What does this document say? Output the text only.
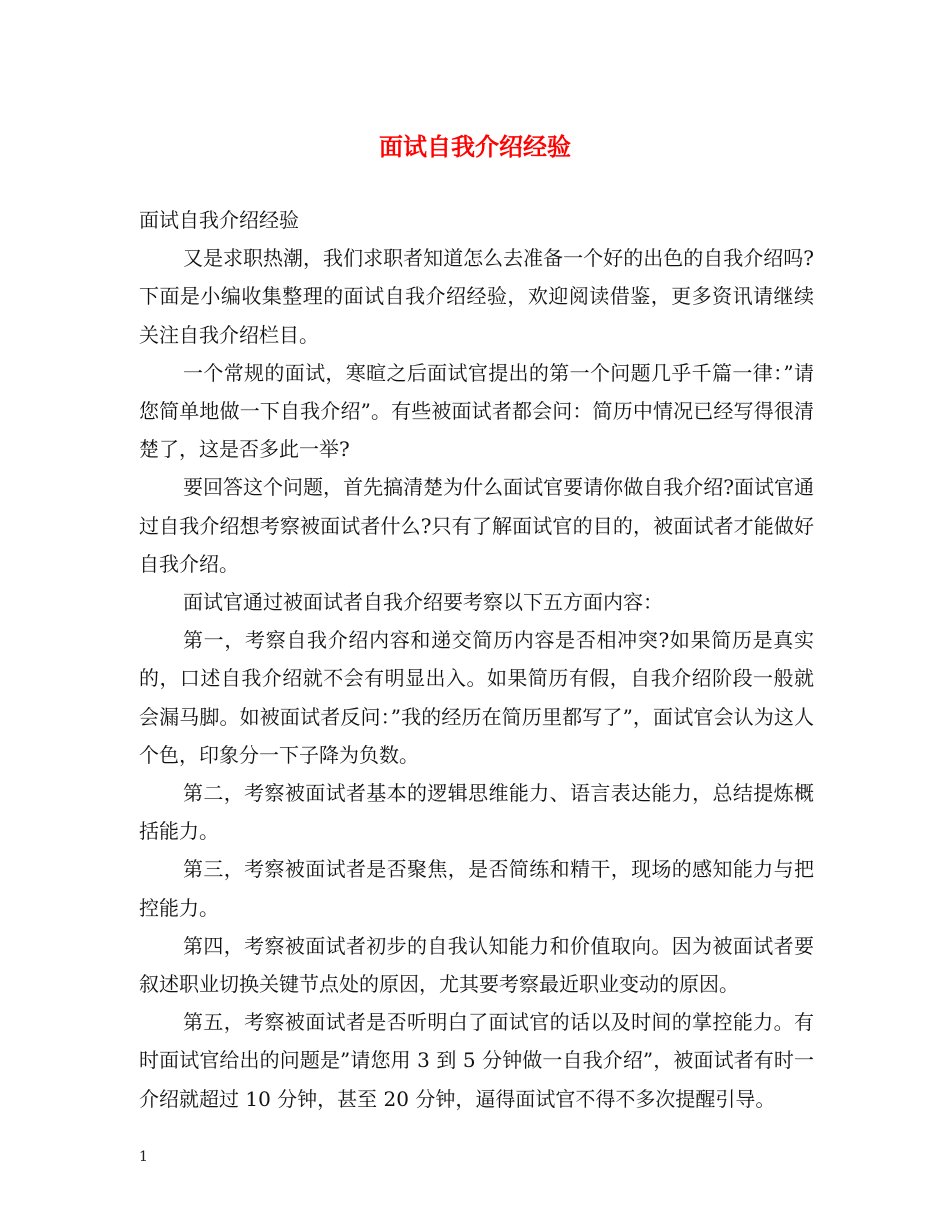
面试自我介绍经验

面试自我介绍经验

又是求职热潮，我们求职者知道怎么去准备一个好的出色的自我介绍吗?下面是小编收集整理的面试自我介绍经验，欢迎阅读借鉴，更多资讯请继续关注自我介绍栏目。

一个常规的面试，寒暄之后面试官提出的第一个问题几乎千篇一律：”请您简单地做一下自我介绍”。有些被面试者都会问：简历中情况已经写得很清楚了，这是否多此一举?

要回答这个问题，首先搞清楚为什么面试官要请你做自我介绍?面试官通过自我介绍想考察被面试者什么?只有了解面试官的目的，被面试者才能做好自我介绍。

面试官通过被面试者自我介绍要考察以下五方面内容：

第一，考察自我介绍内容和递交简历内容是否相冲突?如果简历是真实的，口述自我介绍就不会有明显出入。如果简历有假，自我介绍阶段一般就会漏马脚。如被面试者反问：”我的经历在简历里都写了”，面试官会认为这人个色，印象分一下子降为负数。

第二，考察被面试者基本的逻辑思维能力、语言表达能力，总结提炼概括能力。

第三，考察被面试者是否聚焦，是否简练和精干，现场的感知能力与把控能力。

第四，考察被面试者初步的自我认知能力和价值取向。因为被面试者要叙述职业切换关键节点处的原因，尤其要考察最近职业变动的原因。

第五，考察被面试者是否听明白了面试官的话以及时间的掌控能力。有时面试官给出的问题是”请您用 3 到 5 分钟做一自我介绍”，被面试者有时一介绍就超过 10 分钟，甚至 20 分钟，逼得面试官不得不多次提醒引导。

1
